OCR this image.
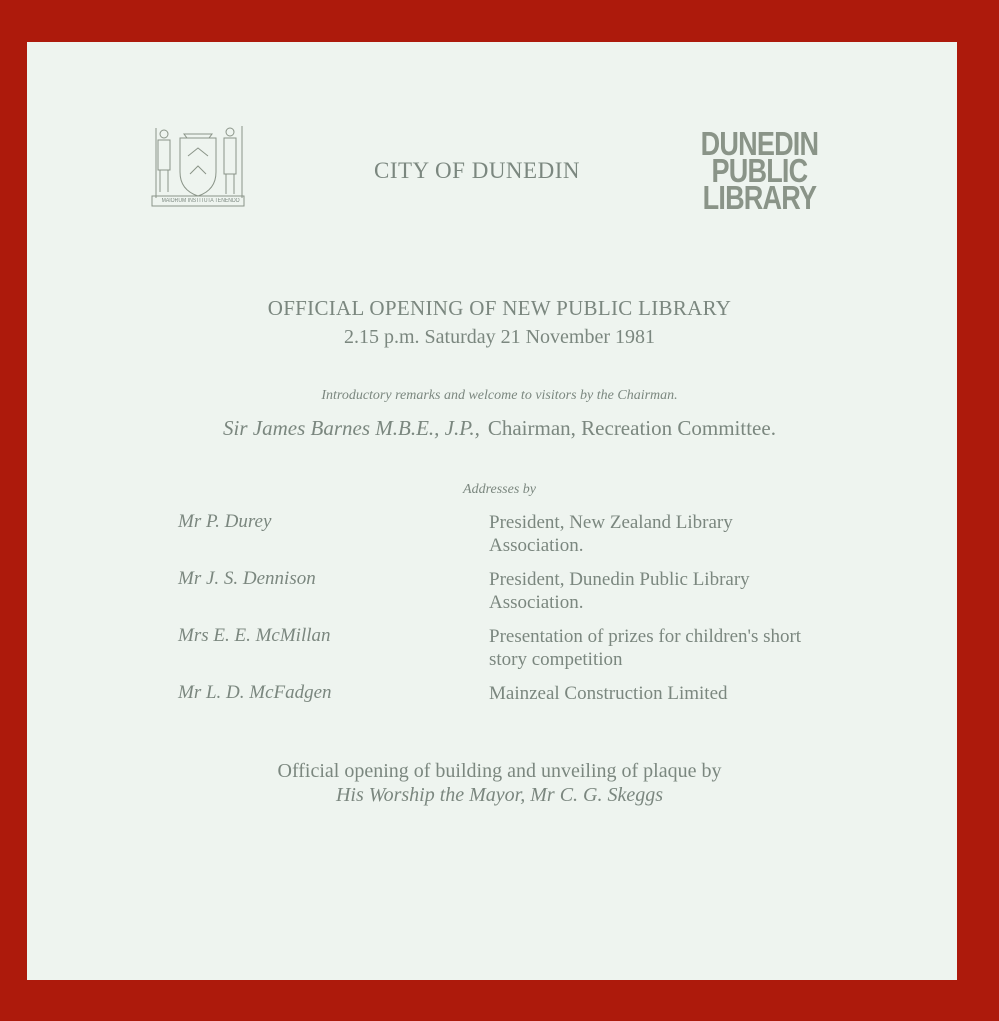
MAIORUM INSTITUTA TENENDO
CITY OF DUNEDIN
DUNEDIN
PUBLIC
LIBRARY
OFFICIAL OPENING OF NEW PUBLIC LIBRARY
2.15 p.m. Saturday 21 November 1981
Introductory remarks and welcome to visitors by the Chairman.
Sir James Barnes M.B.E., J.P., Chairman, Recreation Committee.
Addresses by
Mr P. Durey	President, New Zealand Library Association.
Mr J. S. Dennison	President, Dunedin Public Library Association.
Mrs E. E. McMillan	Presentation of prizes for children's short story competition
Mr L. D. McFadgen	Mainzeal Construction Limited
Official opening of building and unveiling of plaque by
His Worship the Mayor, Mr C. G. Skeggs
